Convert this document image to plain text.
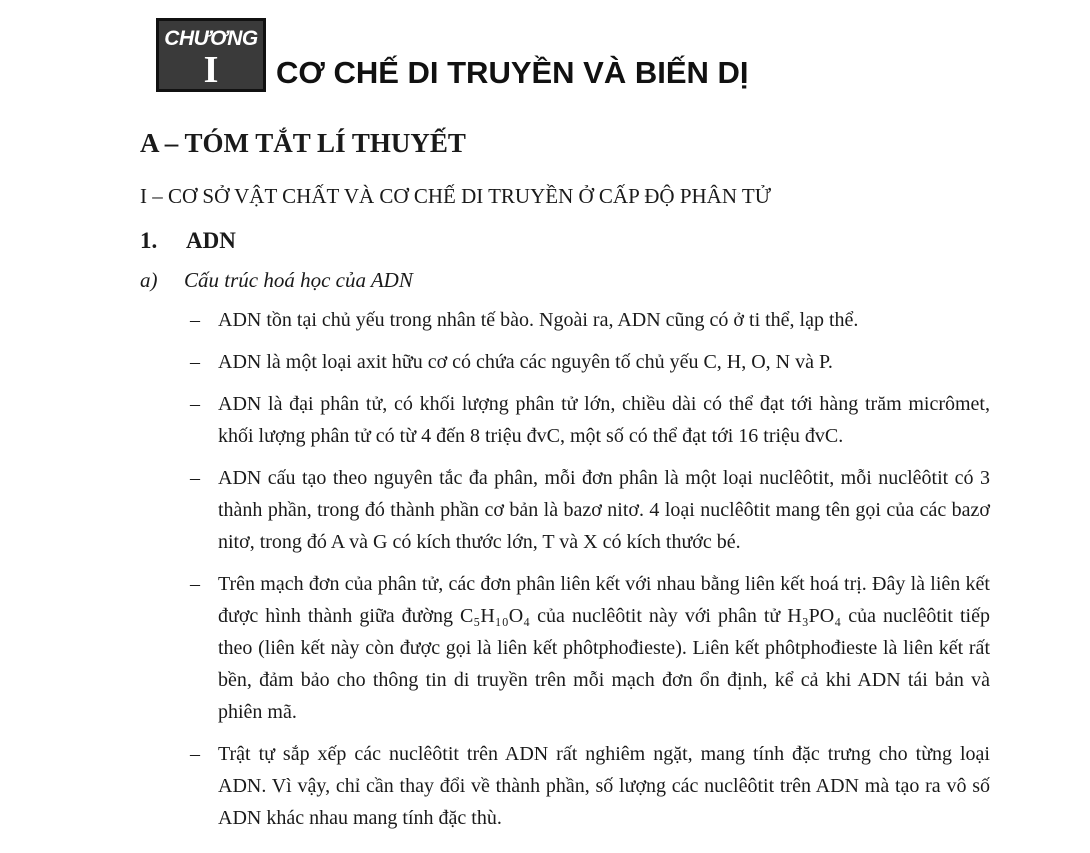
CHƯƠNG
I	CƠ CHẾ DI TRUYỀN VÀ BIẾN DỊ
A – TÓM TẮT LÍ THUYẾT
I – CƠ SỞ VẬT CHẤT VÀ CƠ CHẾ DI TRUYỀN Ở CẤP ĐỘ PHÂN TỬ
1. ADN
a) Cấu trúc hoá học của ADN
– ADN tồn tại chủ yếu trong nhân tế bào. Ngoài ra, ADN cũng có ở ti thể, lạp thể.
– ADN là một loại axit hữu cơ có chứa các nguyên tố chủ yếu C, H, O, N và P.
– ADN là đại phân tử, có khối lượng phân tử lớn, chiều dài có thể đạt tới hàng trăm micrômet, khối lượng phân tử có từ 4 đến 8 triệu đvC, một số có thể đạt tới 16 triệu đvC.
– ADN cấu tạo theo nguyên tắc đa phân, mỗi đơn phân là một loại nuclêôtit, mỗi nuclêôtit có 3 thành phần, trong đó thành phần cơ bản là bazơ nitơ. 4 loại nuclêôtit mang tên gọi của các bazơ nitơ, trong đó A và G có kích thước lớn, T và X có kích thước bé.
– Trên mạch đơn của phân tử, các đơn phân liên kết với nhau bằng liên kết hoá trị. Đây là liên kết được hình thành giữa đường C₅H₁₀O₄ của nuclêôtit này với phân tử H₃PO₄ của nuclêôtit tiếp theo (liên kết này còn được gọi là liên kết phôtphođieste). Liên kết phôtphođieste là liên kết rất bền, đảm bảo cho thông tin di truyền trên mỗi mạch đơn ổn định, kể cả khi ADN tái bản và phiên mã.
– Trật tự sắp xếp các nuclêôtit trên ADN rất nghiêm ngặt, mang tính đặc trưng cho từng loại ADN. Vì vậy, chỉ cần thay đổi về thành phần, số lượng các nuclêôtit trên ADN mà tạo ra vô số ADN khác nhau mang tính đặc thù.
